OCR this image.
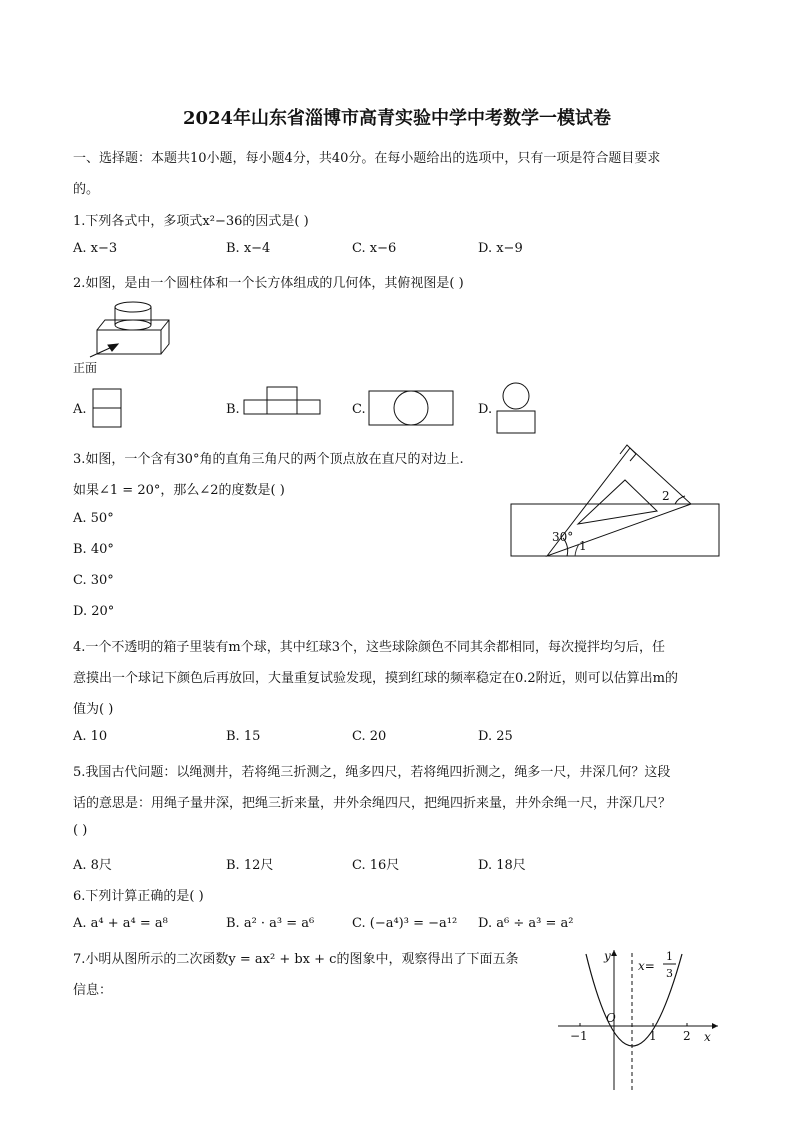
2024年山东省淄博市高青实验中学中考数学一模试卷
一、选择题：本题共10小题，每小题4分，共40分。在每小题给出的选项中，只有一项是符合题目要求
的。
1.下列各式中，多项式x²−36的因式是( )
A. x−3	B. x−4	C. x−6	D. x−9
2.如图，是由一个圆柱体和一个长方体组成的几何体，其俯视图是( )
正面
A.	B.	C.	D.
3.如图，一个含有30°角的直角三角尺的两个顶点放在直尺的对边上.
如果∠1 = 20°，那么∠2的度数是( )
A. 50°
B. 40°
C. 30°
D. 20°
30°
1
2
4.一个不透明的箱子里装有m个球，其中红球3个，这些球除颜色不同其余都相同，每次搅拌均匀后，任
意摸出一个球记下颜色后再放回，大量重复试验发现，摸到红球的频率稳定在0.2附近，则可以估算出m的
值为( )
A. 10	B. 15	C. 20	D. 25
5.我国古代问题：以绳测井，若将绳三折测之，绳多四尺，若将绳四折测之，绳多一尺，井深几何？这段
话的意思是：用绳子量井深，把绳三折来量，井外余绳四尺，把绳四折来量，井外余绳一尺，井深几尺？
( )
A. 8尺	B. 12尺	C. 16尺	D. 18尺
6.下列计算正确的是( )
A. a⁴ + a⁴ = a⁸	B. a² · a³ = a⁶	C. (−a⁴)³ = −a¹² D. a⁶ ÷ a³ = a²
7.小明从图所示的二次函数y = ax² + bx + c的图象中，观察得出了下面五条
信息：
y
x
O
−1	1 2
x=
1
3
